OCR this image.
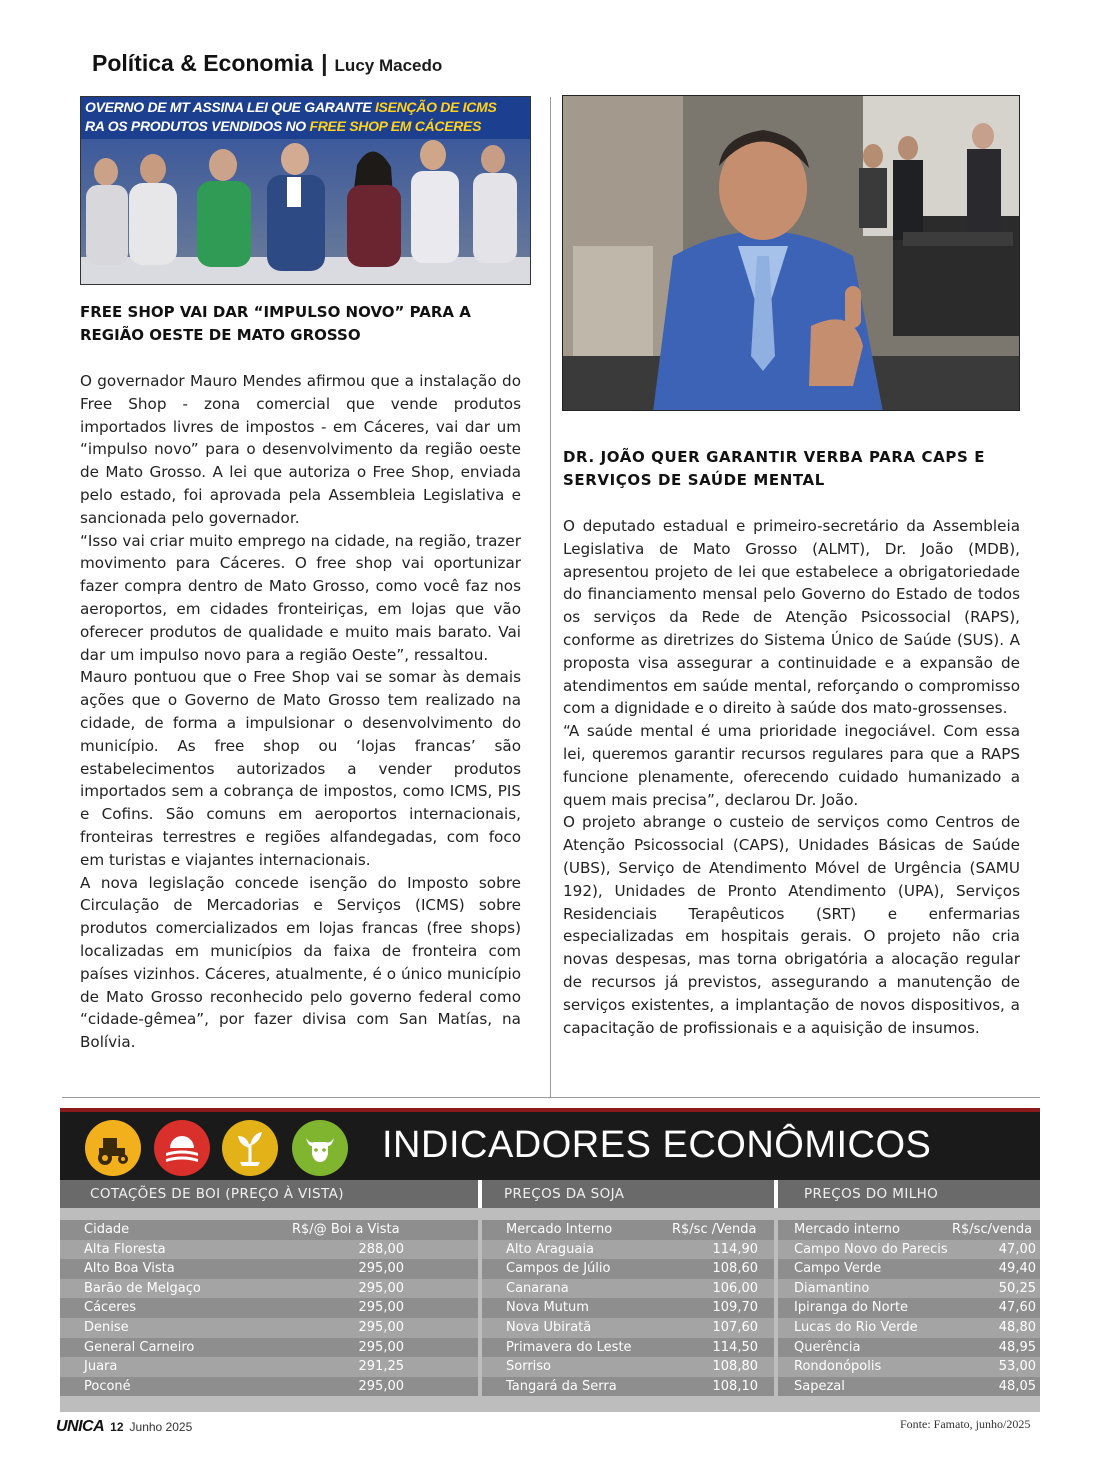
Política & Economia | Lucy Macedo
OVERNO DE MT ASSINA LEI QUE GARANTE ISENÇÃO DE ICMS
RA OS PRODUTOS VENDIDOS NO FREE SHOP EM CÁCERES
FREE SHOP VAI DAR “IMPULSO NOVO” PARA A REGIÃO OESTE DE MATO GROSSO

O governador Mauro Mendes afirmou que a instalação do Free Shop - zona comercial que vende produtos importados livres de impostos - em Cáceres, vai dar um “impulso novo” para o desenvolvimento da região oeste de Mato Grosso. A lei que autoriza o Free Shop, enviada pelo estado, foi aprovada pela Assembleia Legislativa e sancionada pelo governador.

“Isso vai criar muito emprego na cidade, na região, trazer movimento para Cáceres. O free shop vai oportunizar fazer compra dentro de Mato Grosso, como você faz nos aeroportos, em cidades fronteiriças, em lojas que vão oferecer produtos de qualidade e muito mais barato. Vai dar um impulso novo para a região Oeste”, ressaltou.

Mauro pontuou que o Free Shop vai se somar às demais ações que o Governo de Mato Grosso tem realizado na cidade, de forma a impulsionar o desenvolvimento do município. As free shop ou ‘lojas francas’ são estabelecimentos autorizados a vender produtos importados sem a cobrança de impostos, como ICMS, PIS e Cofins. São comuns em aeroportos internacionais, fronteiras terrestres e regiões alfandegadas, com foco em turistas e viajantes internacionais.

A nova legislação concede isenção do Imposto sobre Circulação de Mercadorias e Serviços (ICMS) sobre produtos comercializados em lojas francas (free shops) localizadas em municípios da faixa de fronteira com países vizinhos. Cáceres, atualmente, é o único município de Mato Grosso reconhecido pelo governo federal como “cidade-gêmea”, por fazer divisa com San Matías, na Bolívia.

DR. JOÃO QUER GARANTIR VERBA PARA CAPS E SERVIÇOS DE SAÚDE MENTAL

O deputado estadual e primeiro-secretário da Assembleia Legislativa de Mato Grosso (ALMT), Dr. João (MDB), apresentou projeto de lei que estabelece a obrigatoriedade do financiamento mensal pelo Governo do Estado de todos os serviços da Rede de Atenção Psicossocial (RAPS), conforme as diretrizes do Sistema Único de Saúde (SUS). A proposta visa assegurar a continuidade e a expansão de atendimentos em saúde mental, reforçando o compromisso com a dignidade e o direito à saúde dos mato-grossenses.

“A saúde mental é uma prioridade inegociável. Com essa lei, queremos garantir recursos regulares para que a RAPS funcione plenamente, oferecendo cuidado humanizado a quem mais precisa”, declarou Dr. João.

O projeto abrange o custeio de serviços como Centros de Atenção Psicossocial (CAPS), Unidades Básicas de Saúde (UBS), Serviço de Atendimento Móvel de Urgência (SAMU 192), Unidades de Pronto Atendimento (UPA), Serviços Residenciais Terapêuticos (SRT) e enfermarias especializadas em hospitais gerais. O projeto não cria novas despesas, mas torna obrigatória a alocação regular de recursos já previstos, assegurando a manutenção de serviços existentes, a implantação de novos dispositivos, a capacitação de profissionais e a aquisição de insumos.

INDICADORES ECONÔMICOS
COTAÇÕES DE BOI (PREÇO À VISTA)	PREÇOS DA SOJA	PREÇOS DO MILHO
Cidade	R$/@ Boi a Vista
Alta Floresta	288,00
Alto Boa Vista	295,00
Barão de Melgaço	295,00
Cáceres	295,00
Denise	295,00
General Carneiro	295,00
Juara	291,25
Poconé	295,00
Mercado Interno	R$/sc /Venda
Alto Araguaia	114,90
Campos de Júlio	108,60
Canarana	106,00
Nova Mutum	109,70
Nova Ubiratã	107,60
Primavera do Leste	114,50
Sorriso	108,80
Tangará da Serra	108,10
Mercado interno	R$/sc/venda
Campo Novo do Parecis	47,00
Campo Verde	49,40
Diamantino	50,25
Ipiranga do Norte	47,60
Lucas do Rio Verde	48,80
Querência	48,95
Rondonópolis	53,00
Sapezal	48,05
UNICA 12 Junho 2025	Fonte: Famato, junho/2025
